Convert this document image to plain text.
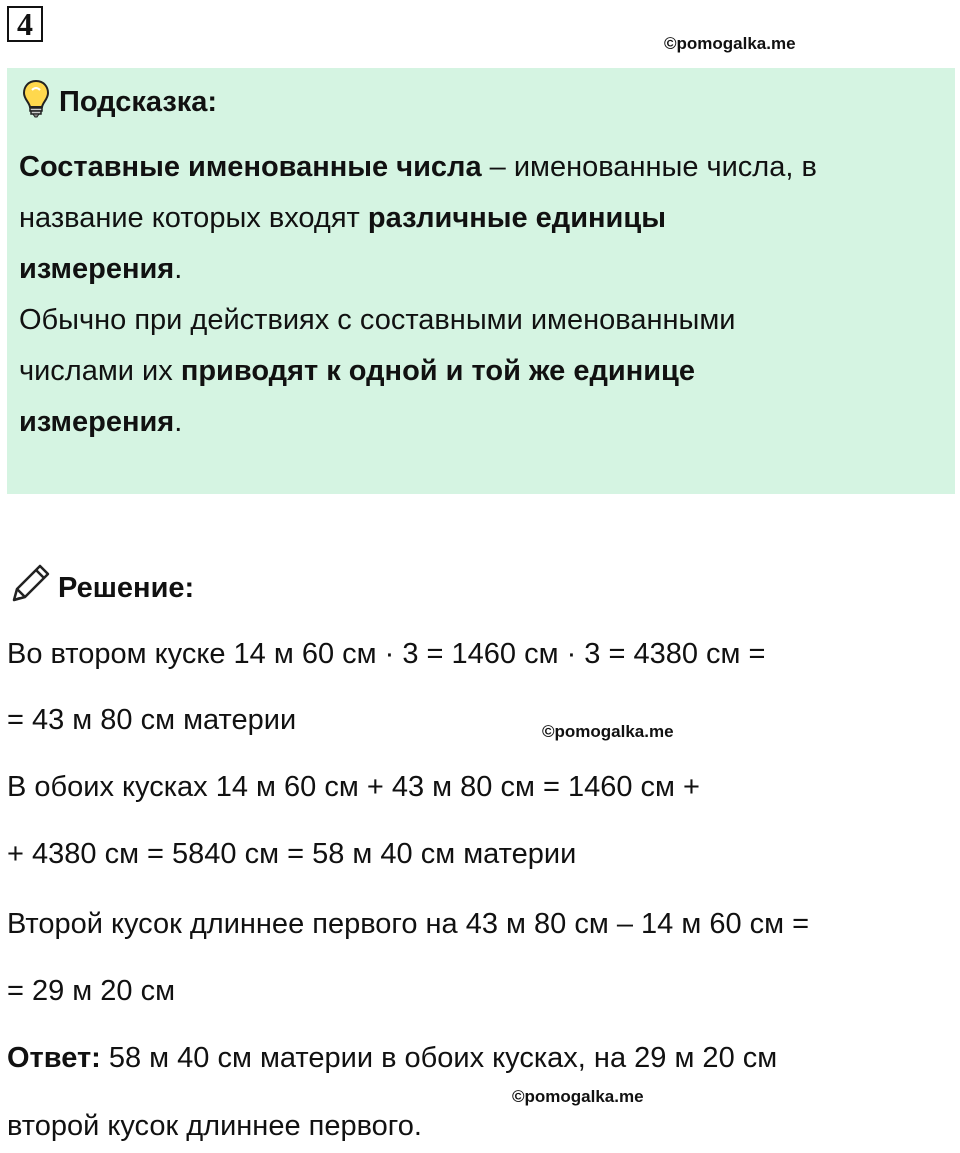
4
©pomogalka.me
Подсказка:

Составные именованные числа – именованные числа, в

название которых входят различные единицы

измерения.

Обычно при действиях с составными именованными

числами их приводят к одной и той же единице

измерения.

Решение:
Во втором куске 14 м 60 см · 3 = 1460 см · 3 = 4380 см =
= 43 м 80 см материи	©pomogalka.me
В обоих кусках 14 м 60 см + 43 м 80 см = 1460 см +
+ 4380 см = 5840 см = 58 м 40 см материи
Второй кусок длиннее первого на 43 м 80 см – 14 м 60 см =
= 29 м 20 см
Ответ: 58 м 40 см материи в обоих кусках, на 29 м 20 см
©pomogalka.me
второй кусок длиннее первого.
